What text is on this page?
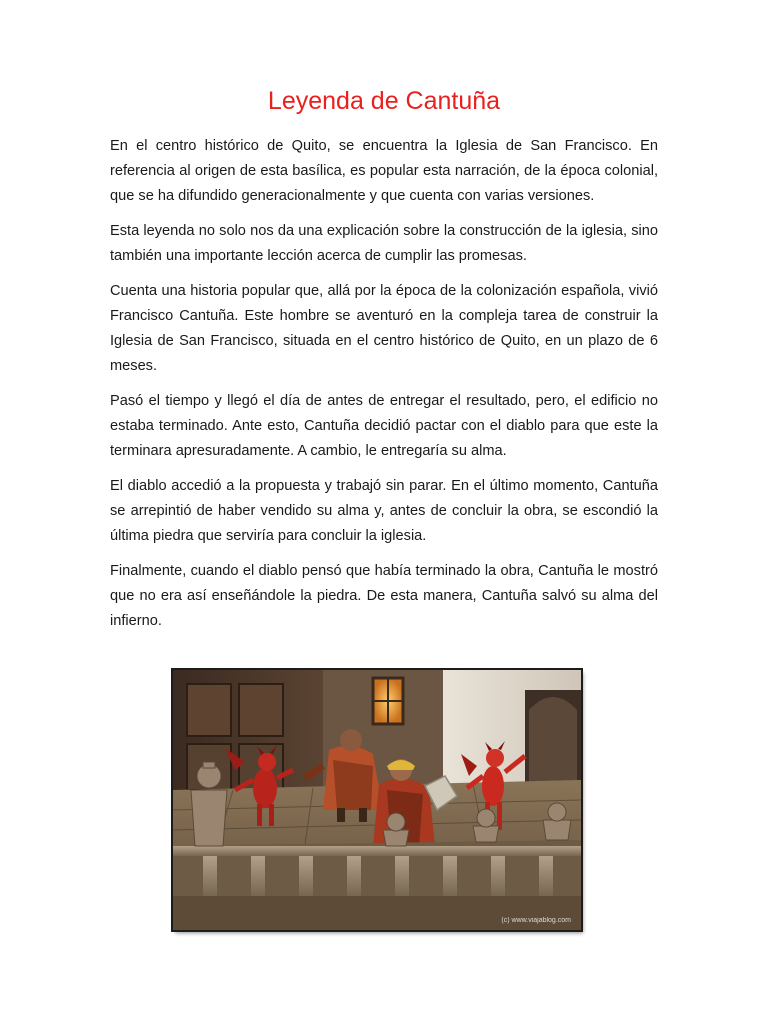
Leyenda de Cantuña

En el centro histórico de Quito, se encuentra la Iglesia de San Francisco. En referencia al origen de esta basílica, es popular esta narración, de la época colonial, que se ha difundido generacionalmente y que cuenta con varias versiones.

Esta leyenda no solo nos da una explicación sobre la construcción de la iglesia, sino también una importante lección acerca de cumplir las promesas.

Cuenta una historia popular que, allá por la época de la colonización española, vivió Francisco Cantuña. Este hombre se aventuró en la compleja tarea de construir la Iglesia de San Francisco, situada en el centro histórico de Quito, en un plazo de 6 meses.

Pasó el tiempo y llegó el día de antes de entregar el resultado, pero, el edificio no estaba terminado. Ante esto, Cantuña decidió pactar con el diablo para que este la terminara apresuradamente. A cambio, le entregaría su alma.

El diablo accedió a la propuesta y trabajó sin parar. En el último momento, Cantuña se arrepintió de haber vendido su alma y, antes de concluir la obra, se escondió la última piedra que serviría para concluir la iglesia.

Finalmente, cuando el diablo pensó que había terminado la obra, Cantuña le mostró que no era así enseñándole la piedra. De esta manera, Cantuña salvó su alma del infierno.

(c) www.viajablog.com
